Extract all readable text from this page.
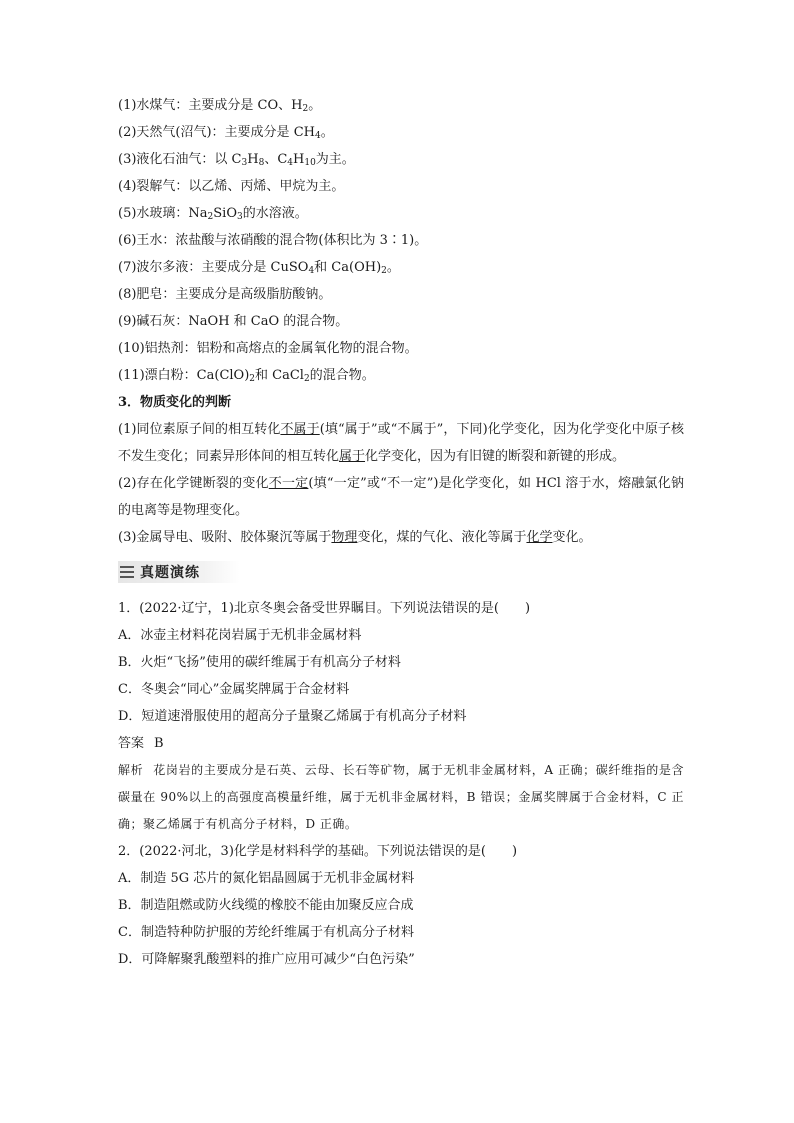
(1)水煤气：主要成分是 CO、$H_2$。
(2)天然气(沼气)：主要成分是 $CH_4$。
(3)液化石油气：以 $C_3H_8$、$C_4H_{10}$为主。
(4)裂解气：以乙烯、丙烯、甲烷为主。
(5)水玻璃：$Na_2SiO_3$的水溶液。
(6)王水：浓盐酸与浓硝酸的混合物(体积比为 3∶1)。
(7)波尔多液：主要成分是 CuSO$_4$和 $Ca(OH)_2$。
(8)肥皂：主要成分是高级脂肪酸钠。
(9)碱石灰：NaOH 和 CaO 的混合物。
(10)铝热剂：铝粉和高熔点的金属氧化物的混合物。
(11)漂白粉：$Ca(ClO)_2$和 CaCl$_2$的混合物。
3．物质变化的判断
(1)同位素原子间的相互转化不属于(填“属于”或“不属于”，下同)化学变化，因为化学变化中原子核不发生变化；同素异形体间的相互转化属于化学变化，因为有旧键的断裂和新键的形成。
(2)存在化学键断裂的变化不一定(填“一定”或“不一定”)是化学变化，如 HCl 溶于水，熔融氯化钠的电离等是物理变化。
(3)金属导电、吸附、胶体聚沉等属于物理变化，煤的气化、液化等属于化学变化。
真题演练
1．(2022·辽宁，1)北京冬奥会备受世界瞩目。下列说法错误的是(　　)
A．冰壶主材料花岗岩属于无机非金属材料
B．火炬“飞扬”使用的碳纤维属于有机高分子材料
C．冬奥会“同心”金属奖牌属于合金材料
D．短道速滑服使用的超高分子量聚乙烯属于有机高分子材料
答案 B
解析 花岗岩的主要成分是石英、云母、长石等矿物，属于无机非金属材料，A 正确；碳纤维指的是含碳量在 90%以上的高强度高模量纤维，属于无机非金属材料，B 错误；金属奖牌属于合金材料，C 正确；聚乙烯属于有机高分子材料，D 正确。
2．(2022·河北，3)化学是材料科学的基础。下列说法错误的是(　　)
A．制造 5G 芯片的氮化铝晶圆属于无机非金属材料
B．制造阻燃或防火线缆的橡胶不能由加聚反应合成
C．制造特种防护服的芳纶纤维属于有机高分子材料
D．可降解聚乳酸塑料的推广应用可减少“白色污染”
